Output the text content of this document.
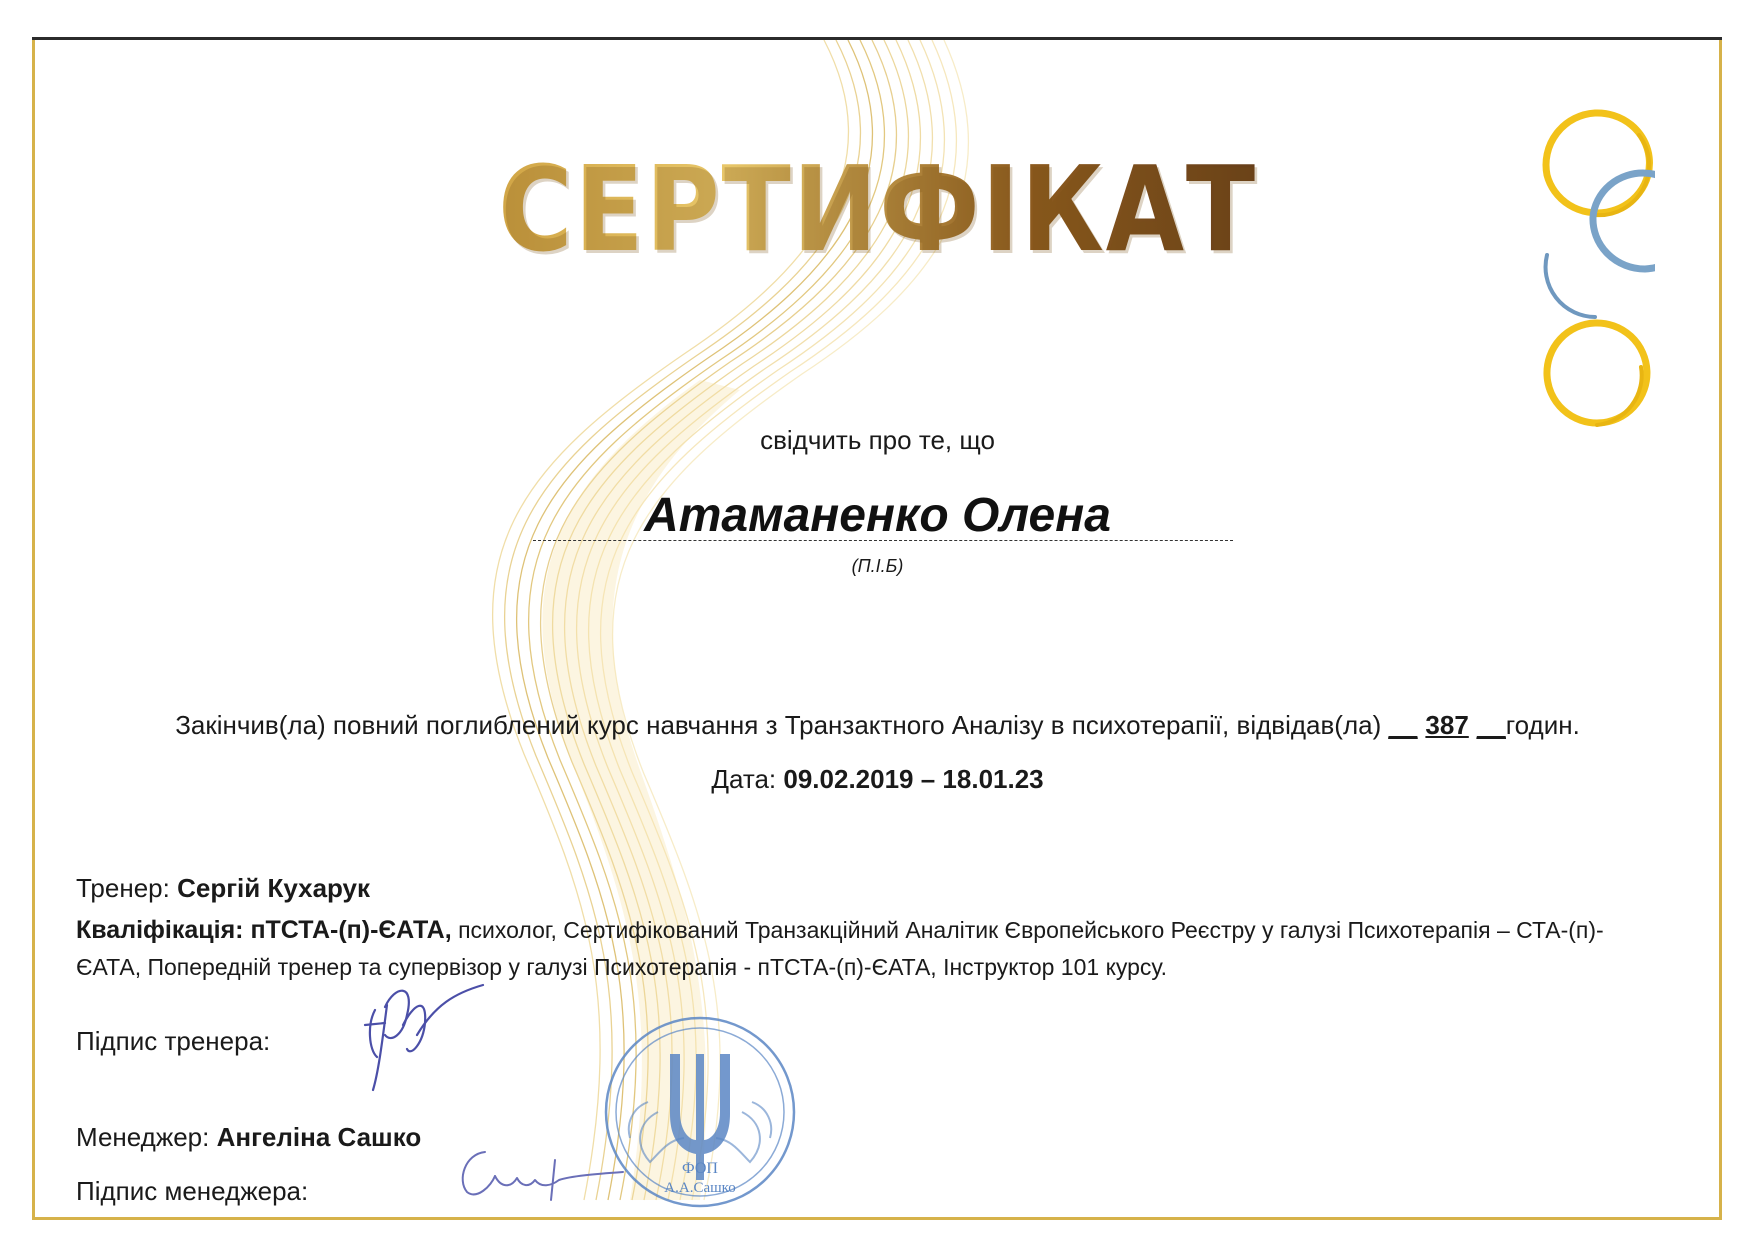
СЕРТИФІКАТ
свідчить про те, що
Атаманенко Олена
(П.І.Б)
Закінчив(ла) повний поглиблений курс навчання з Транзактного Аналізу в психотерапії, відвідав(ла) __ 387 __годин.
Дата: 09.02.2019 – 18.01.23
Тренер: Сергій Кухарук
Кваліфікація: пТСТА-(п)-ЄАТА, психолог, Сертифікований Транзакційний Аналітик Європейського Реєстру у галузі Психотерапія – СТА-(п)-ЄАТА, Попередній тренер та супервізор у галузі Психотерапія - пТСТА-(п)-ЄАТА, Інструктор 101 курсу.
Підпис тренера:
Менеджер: Ангеліна Сашко
Підпис менеджера:
ФОП
А.А.Сашко
